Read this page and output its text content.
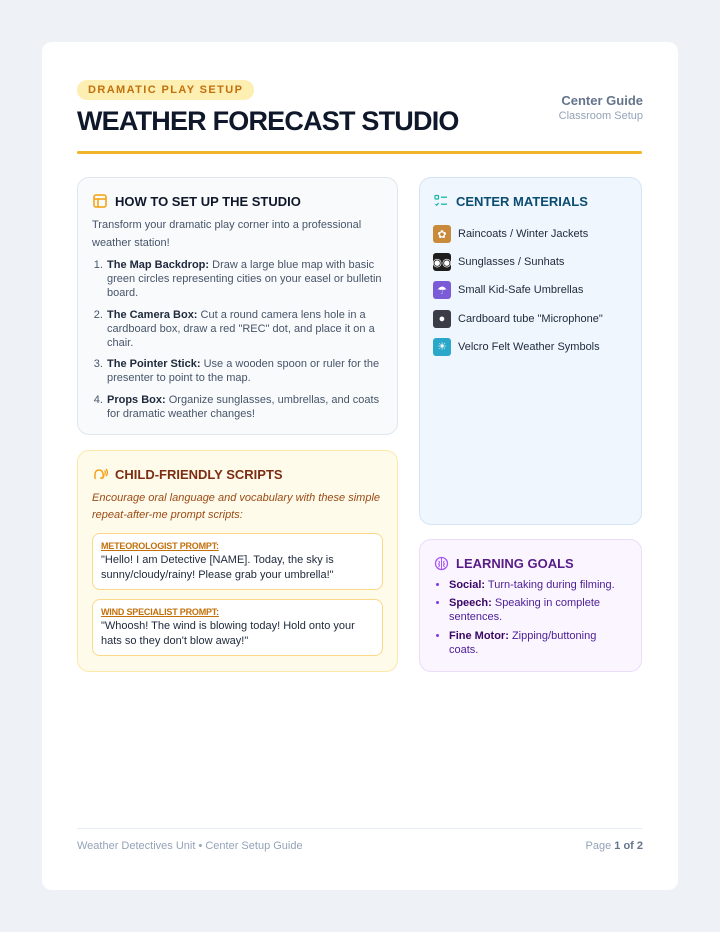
DRAMATIC PLAY SETUP
WEATHER FORECAST STUDIO
Center Guide
Classroom Setup
HOW TO SET UP THE STUDIO

Transform your dramatic play corner into a professional weather station!

1. The Map Backdrop: Draw a large blue map with basic green circles representing cities on your easel or bulletin board.
2. The Camera Box: Cut a round camera lens hole in a cardboard box, draw a red "REC" dot, and place it on a chair.
3. The Pointer Stick: Use a wooden spoon or ruler for the presenter to point to the map.
4. Props Box: Organize sunglasses, umbrellas, and coats for dramatic weather changes!
CHILD-FRIENDLY SCRIPTS

Encourage oral language and vocabulary with these simple repeat-after-me prompt scripts:

METEOROLOGIST PROMPT:
"Hello! I am Detective [NAME]. Today, the sky is sunny/cloudy/rainy! Please grab your umbrella!"
WIND SPECIALIST PROMPT:
"Whoosh! The wind is blowing today! Hold onto your hats so they don't blow away!"
CENTER MATERIALS
✿	Raincoats / Winter Jackets
◉◉ Sunglasses / Sunhats
☂	Small Kid-Safe Umbrellas
●	Cardboard tube "Microphone"
☀	Velcro Felt Weather Symbols
LEARNING GOALS
• Social: Turn-taking during filming.
• Speech: Speaking in complete sentences.
• Fine Motor: Zipping/buttoning coats.
Weather Detectives Unit • Center Setup Guide	Page 1 of 2
